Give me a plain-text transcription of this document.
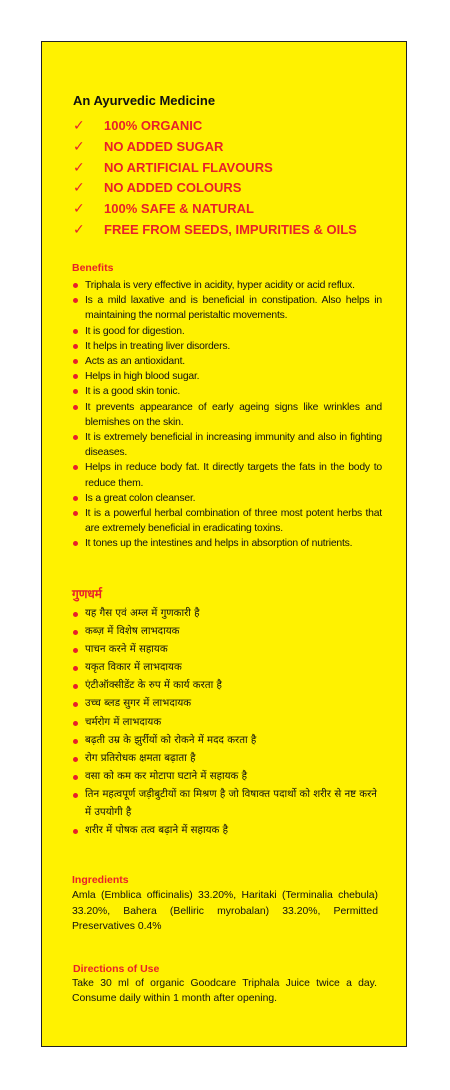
An Ayurvedic Medicine
✓ 100% ORGANIC
✓ NO ADDED SUGAR
✓ NO ARTIFICIAL FLAVOURS
✓ NO ADDED COLOURS
✓ 100% SAFE & NATURAL
✓ FREE FROM SEEDS, IMPURITIES & OILS
Benefits
Triphala is very effective in acidity, hyper acidity or acid reflux.
Is a mild laxative and is beneficial in constipation. Also helps in maintaining the normal peristaltic movements.
It is good for digestion.
It helps in treating liver disorders.
Acts as an antioxidant.
Helps in high blood sugar.
It is a good skin tonic.
It prevents appearance of early ageing signs like wrinkles and blemishes on the skin.
It is extremely beneficial in increasing immunity and also in fighting diseases.
Helps in reduce body fat. It directly targets the fats in the body to reduce them.
Is a great colon cleanser.
It is a powerful herbal combination of three most potent herbs that are extremely beneficial in eradicating toxins.
It tones up the intestines and helps in absorption of nutrients.
गुणधर्म
यह गैस एवं अम्ल में गुणकारी है
कब्ज़ में विशेष लाभदायक
पाचन करने में सहायक
यकृत विकार में लाभदायक
एंटीऑक्सीडेंट के रुप में कार्य करता है
उच्च ब्लड सुगर में लाभदायक
चर्मरोग में लाभदायक
बढ़ती उम्र के झुर्रीयों को रोकने में मदद करता है
रोग प्रतिरोधक क्षमता बढ़ाता है
वसा को कम कर मोटापा घटाने में सहायक है
तिन महत्वपूर्ण जड़ीबुटीयों का मिश्रण है जो विषाक्त पदार्थो को शरीर से नष्ट करने में उपयोगी है
शरीर में पोषक तत्व बढ़ाने में सहायक है
Ingredients

Amla (Emblica officinalis) 33.20%, Haritaki (Terminalia chebula) 33.20%, Bahera (Belliric myrobalan) 33.20%, Permitted Preservatives 0.4%

Directions of Use

Take 30 ml of organic Goodcare Triphala Juice twice a day. Consume daily within 1 month after opening.
